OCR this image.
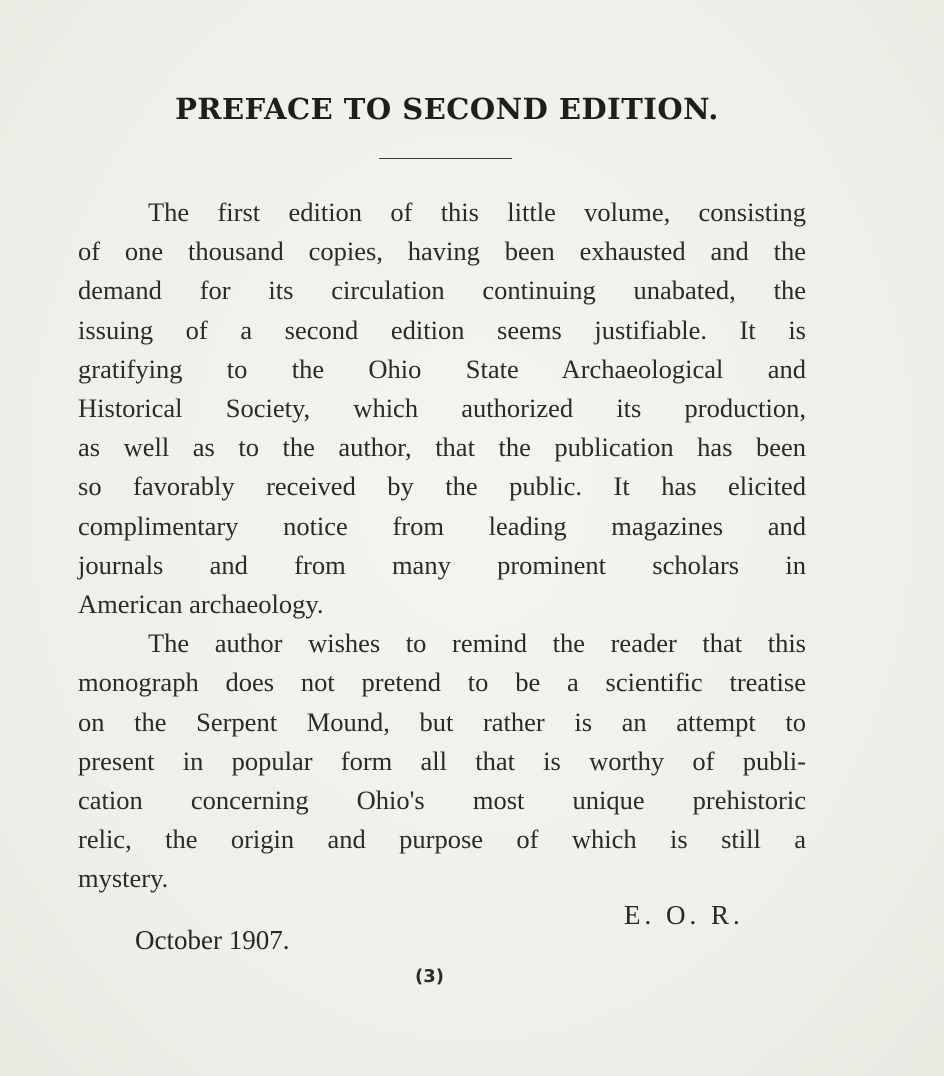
PREFACE TO SECOND EDITION.

The first edition of this little volume, consisting
of one thousand copies, having been exhausted and the
demand for its circulation continuing unabated, the
issuing of a second edition seems justifiable. It is
gratifying to the Ohio State Archaeological and
Historical Society, which authorized its production,
as well as to the author, that the publication has been
so favorably received by the public. It has elicited
complimentary notice from leading magazines and
journals and from many prominent scholars in
American archaeology.

The author wishes to remind the reader that this
monograph does not pretend to be a scientific treatise
on the Serpent Mound, but rather is an attempt to
present in popular form all that is worthy of publi-
cation concerning Ohio's most unique prehistoric
relic, the origin and purpose of which is still a
mystery.

E. O. R.
October 1907.
(3)
